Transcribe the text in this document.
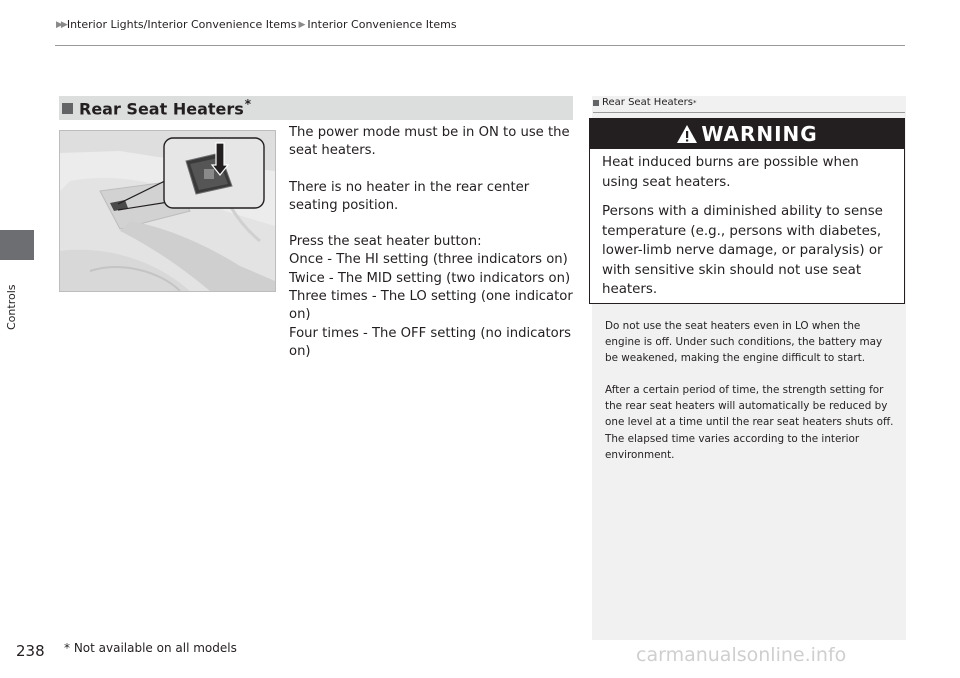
▶▶ Interior Lights/Interior Convenience Items ▶ Interior Convenience Items
Controls
Rear Seat Heaters*

The power mode must be in ON to use the seat heaters.

There is no heater in the rear center seating position.

Press the seat heater button:

Once - The HI setting (three indicators on)

Twice - The MID setting (two indicators on)

Three times - The LO setting (one indicator on)

Four times - The OFF setting (no indicators on)

Rear Seat Heaters *
WARNING

Heat induced burns are possible when using seat heaters.

Persons with a diminished ability to sense temperature (e.g., persons with diabetes, lower-limb nerve damage, or paralysis) or with sensitive skin should not use seat heaters.

Do not use the seat heaters even in LO when the engine is off. Under such conditions, the battery may be weakened, making the engine difficult to start.

After a certain period of time, the strength setting for the rear seat heaters will automatically be reduced by one level at a time until the rear seat heaters shuts off. The elapsed time varies according to the interior environment.

238 * Not available on all models	carmanualsonline.info
